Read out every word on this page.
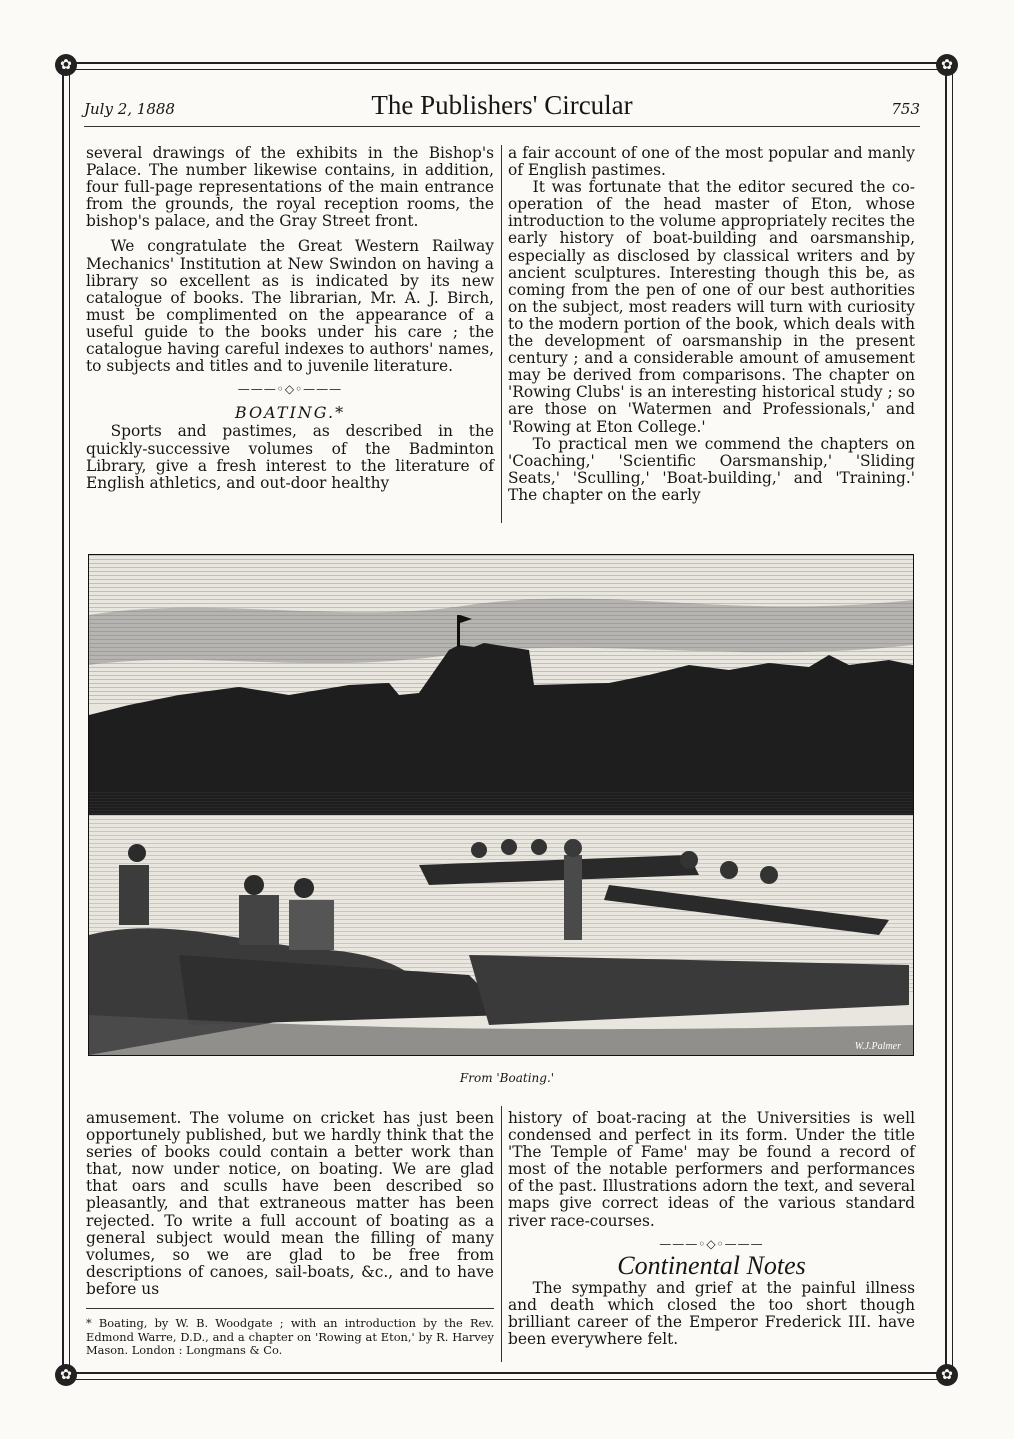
✿	✿
✿	✿
July 2, 1888	The Publishers' Circular	753

several drawings of the exhibits in the Bishop's Palace. The number likewise contains, in addition, four full-page representations of the main entrance from the grounds, the royal reception rooms, the bishop's palace, and the Gray Street front.

We congratulate the Great Western Railway Mechanics' Institution at New Swindon on having a library so excellent as is indicated by its new catalogue of books. The librarian, Mr. A. J. Birch, must be complimented on the appearance of a useful guide to the books under his care ; the catalogue having careful indexes to authors' names, to subjects and titles and to juvenile literature.

———◦◇◦———
BOATING.*

Sports and pastimes, as described in the quickly-successive volumes of the Badminton Library, give a fresh interest to the literature of English athletics, and out-door healthy

a fair account of one of the most popular and manly of English pastimes.

It was fortunate that the editor secured the co-operation of the head master of Eton, whose introduction to the volume appropriately recites the early history of boat-building and oarsmanship, especially as disclosed by classical writers and by ancient sculptures. Interesting though this be, as coming from the pen of one of our best authorities on the subject, most readers will turn with curiosity to the modern portion of the book, which deals with the development of oarsmanship in the present century ; and a considerable amount of amusement may be derived from comparisons. The chapter on 'Rowing Clubs' is an interesting historical study ; so are those on 'Watermen and Professionals,' and 'Rowing at Eton College.'

To practical men we commend the chapters on 'Coaching,' 'Scientific Oarsmanship,' 'Sliding Seats,' 'Sculling,' 'Boat-building,' and 'Training.' The chapter on the early

W.J.Palmer
From 'Boating.'

amusement. The volume on cricket has just been opportunely published, but we hardly think that the series of books could contain a better work than that, now under notice, on boating. We are glad that oars and sculls have been described so pleasantly, and that extraneous matter has been rejected. To write a full account of boating as a general subject would mean the filling of many volumes, so we are glad to be free from descriptions of canoes, sail-boats, &c., and to have before us

* Boating, by W. B. Woodgate ; with an introduction by the Rev. Edmond Warre, D.D., and a chapter on 'Rowing at Eton,' by R. Harvey Mason. London : Longmans & Co.

history of boat-racing at the Universities is well condensed and perfect in its form. Under the title 'The Temple of Fame' may be found a record of most of the notable performers and performances of the past. Illustrations adorn the text, and several maps give correct ideas of the various standard river race-courses.

———◦◇◦———
Continental Notes

The sympathy and grief at the painful illness and death which closed the too short though brilliant career of the Emperor Frederick III. have been everywhere felt.
